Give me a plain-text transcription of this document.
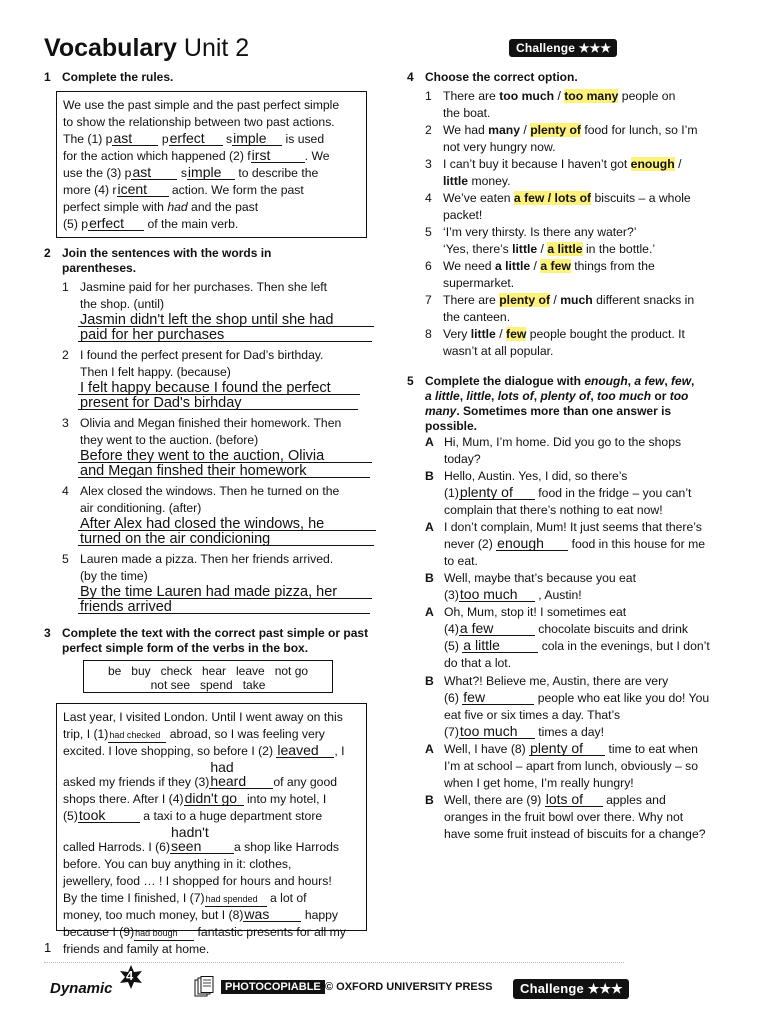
Vocabulary Unit 2	Challenge ★★★
1 Complete the rules.
We use the past simple and the past perfect simple
to show the relationship between two past actions.
The (1) past perfect simple is used
for the action which happened (2) first	. We
use the (3) past simple to describe the
more (4) ricent action. We form the past
perfect simple with had and the past
(5) perfect of the main verb.
2 Join the sentences with the words in parentheses.
1 Jasmine paid for her purchases. Then she left
the shop. (until)
Jasmin didn't left the shop until she had
paid for her purchases
2 I found the perfect present for Dad’s birthday.
Then I felt happy. (because)
I felt happy because I found the perfect
present for Dad's birhday
3 Olivia and Megan finished their homework. Then
they went to the auction. (before)
Before they went to the auction, Olivia
and Megan finshed their homework
4 Alex closed the windows. Then he turned on the
air conditioning. (after)
After Alex had closed the windows, he
turned on the air condicioning
5 Lauren made a pizza. Then her friends arrived.
(by the time)
By the time Lauren had made pizza, her
friends arrived
3 Complete the text with the correct past simple or past perfect simple form of the verbs in the box.
be   buy   check   hear   leave   not go
not see   spend   take
Last year, I visited London. Until I went away on this
trip, I (1)had checked abroad, so I was feeling very
excited. I love shopping, so before I (2) leaved , I
asked my friends if they (3)had heard of any good
shops there. After I (4)didn't go into my hotel, I
(5)took	a taxi to a huge department store
called Harrods. I (6)hadn't seen	a shop like Harrods
before. You can buy anything in it: clothes,
jewellery, food … ! I shopped for hours and hours!
By the time I finished, I (7)had spended a lot of
money, too much money, but I (8)was	happy
because I (9)had bough fantastic presents for all my
friends and family at home.
4 Choose the correct option.
1 There are too much / too many people on
the boat.
2 We had many / plenty of food for lunch, so I’m
not very hungry now.
3 I can’t buy it because I haven’t got enough /
little money.
4 We’ve eaten a few / lots of biscuits – a whole
packet!
5 ‘I’m very thirsty. Is there any water?’
‘Yes, there’s little / a little in the bottle.’
6 We need a little / a few things from the
supermarket.
7 There are plenty of / much different snacks in
the canteen.
8 Very little / few people bought the product. It
wasn’t at all popular.
5 Complete the dialogue with enough, a few, few,
a little, little, lots of, plenty of, too much or too
many. Sometimes more than one answer is
possible.
A Hi, Mum, I’m home. Did you go to the shops
today?
B Hello, Austin. Yes, I did, so there’s
(1)plenty of food in the fridge – you can’t
complain that there’s nothing to eat now!
A I don’t complain, Mum! It just seems that there’s
never (2) enough food in this house for me
to eat.
B Well, maybe that’s because you eat
(3)too much , Austin!
A Oh, Mum, stop it! I sometimes eat
(4)a few	chocolate biscuits and drink
(5) a little	cola in the evenings, but I don’t
do that a lot.
B What?! Believe me, Austin, there are very
(6) few	people who eat like you do! You
eat five or six times a day. That’s
(7)too much times a day!
A Well, I have (8) plenty of time to eat when
I’m at school – apart from lunch, obviously – so
when I get home, I’m really hungry!
B Well, there are (9) lots of apples and
oranges in the fruit bowl over there. Why not
have some fruit instead of biscuits for a change?
1
Dynamic
4
PHOTOCOPIABLE © OXFORD UNIVERSITY PRESS	Challenge ★★★
